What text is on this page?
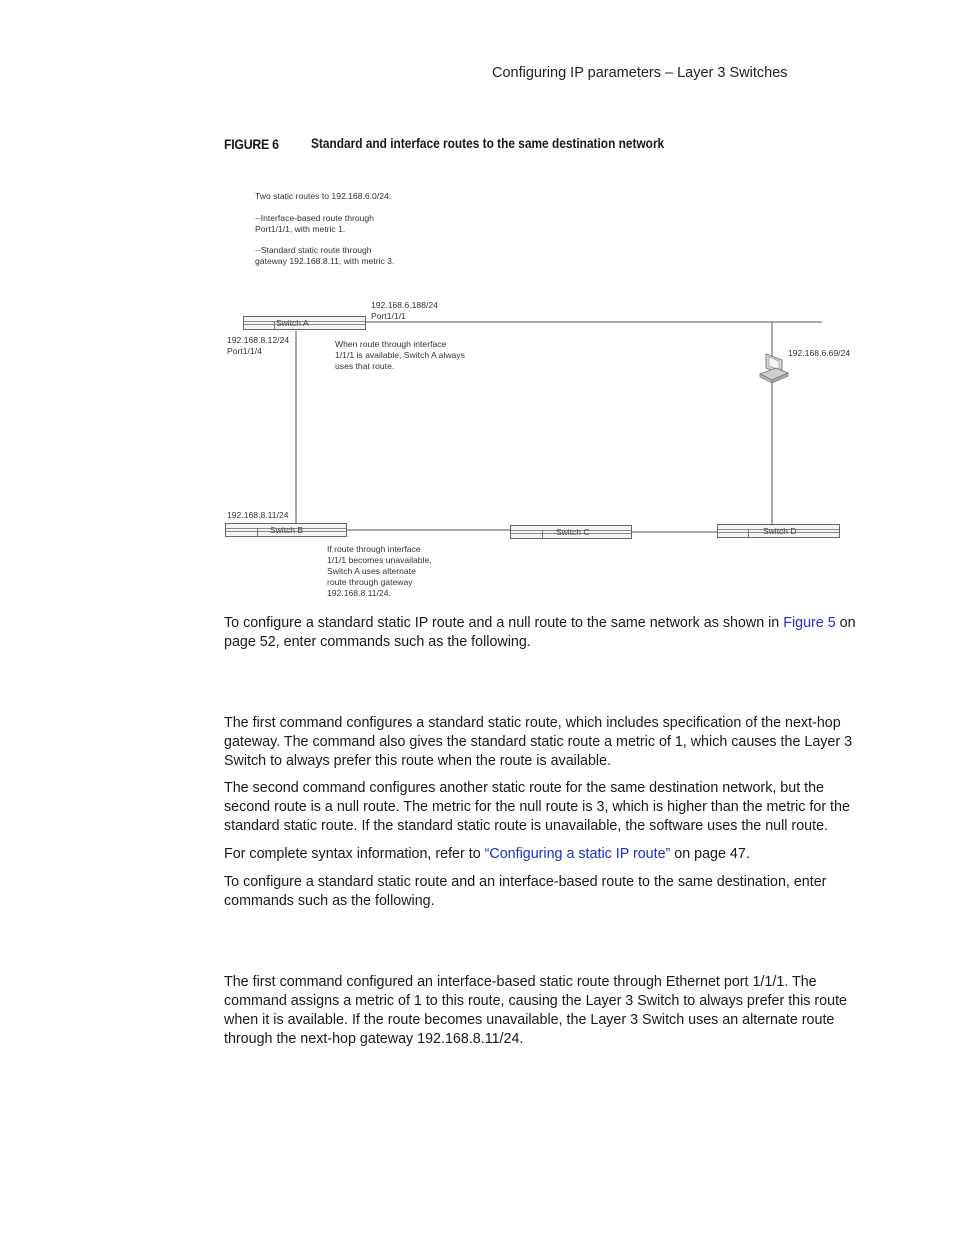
Configuring IP parameters – Layer 3 Switches
FIGURE 6 Standard and interface routes to the same destination network
Two static routes to 192.168.6.0/24:
--Interface-based route through
Port1/1/1, with metric 1.
--Standard static route through
gateway 192.168.8.11, with metric 3.
192.168.6.188/24
Port1/1/1
Switch A
192.168.8.12/24
Port1/1/4
When route through interface
1/1/1 is available, Switch A always
uses that route.
192.168.6.69/24
192.168.8.11/24
Switch B	Switch C	Switch D
If route through interface
1/1/1 becomes unavailable,
Switch A uses alternate
route through gateway
192.168.8.11/24.
To configure a standard static IP route and a null route to the same network as shown in Figure 5 on page 52, enter commands such as the following.
The first command configures a standard static route, which includes specification of the next-hop gateway. The command also gives the standard static route a metric of 1, which causes the Layer 3 Switch to always prefer this route when the route is available.
The second command configures another static route for the same destination network, but the second route is a null route. The metric for the null route is 3, which is higher than the metric for the standard static route. If the standard static route is unavailable, the software uses the null route.
For complete syntax information, refer to “Configuring a static IP route” on page 47.
To configure a standard static route and an interface-based route to the same destination, enter commands such as the following.
The first command configured an interface-based static route through Ethernet port 1/1/1. The command assigns a metric of 1 to this route, causing the Layer 3 Switch to always prefer this route when it is available. If the route becomes unavailable, the Layer 3 Switch uses an alternate route through the next-hop gateway 192.168.8.11/24.
